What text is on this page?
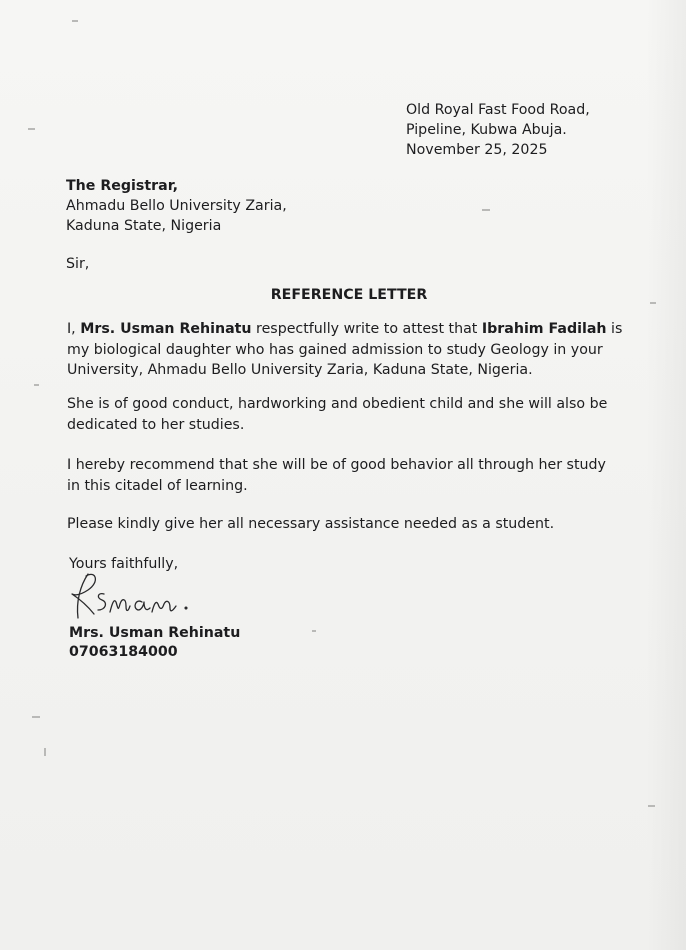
Old Royal Fast Food Road,
Pipeline, Kubwa Abuja.
November 25, 2025
The Registrar,
Ahmadu Bello University Zaria,
Kaduna State, Nigeria
Sir,
REFERENCE LETTER
I, Mrs. Usman Rehinatu respectfully write to attest that Ibrahim Fadilah is
my biological daughter who has gained admission to study Geology in your
University, Ahmadu Bello University Zaria, Kaduna State, Nigeria.
She is of good conduct, hardworking and obedient child and she will also be
dedicated to her studies.
I hereby recommend that she will be of good behavior all through her study
in this citadel of learning.
Please kindly give her all necessary assistance needed as a student.
Yours faithfully,
Mrs. Usman Rehinatu
07063184000
